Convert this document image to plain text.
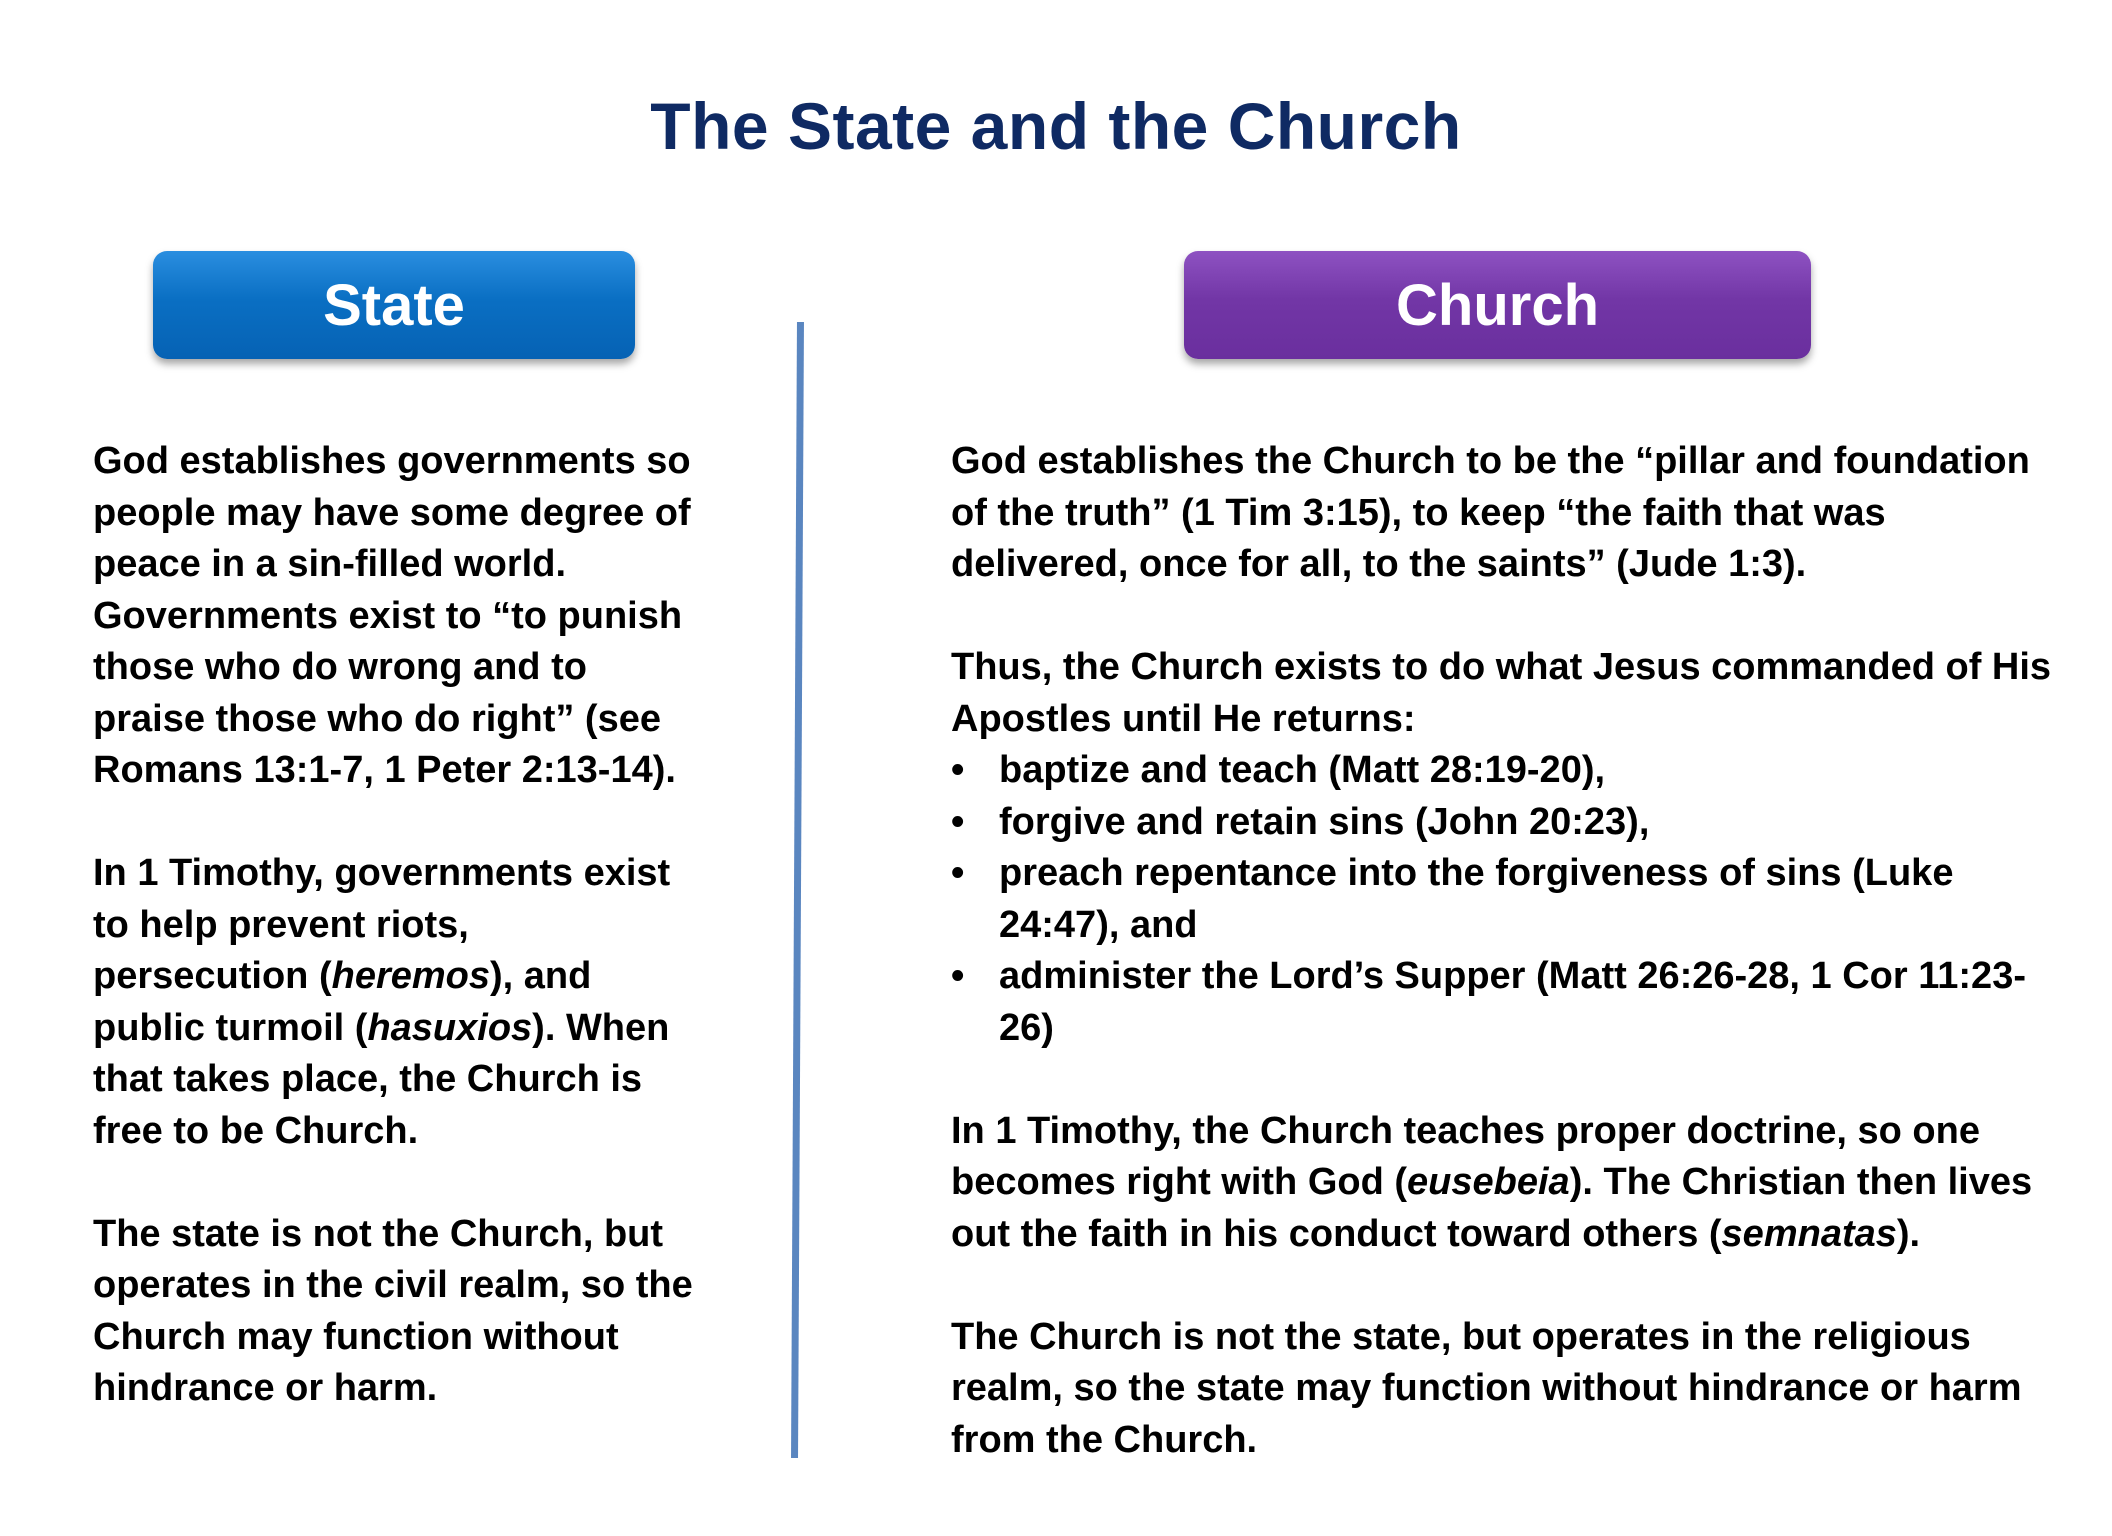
The State and the Church
State	Church

God establishes governments so people may have some degree of peace in a sin-filled world. Governments exist to “to punish those who do wrong and to praise those who do right” (see Romans 13:1-7, 1 Peter 2:13-14).

In 1 Timothy, governments exist to help prevent riots, persecution (heremos), and public turmoil (hasuxios). When that takes place, the Church is free to be Church.

The state is not the Church, but operates in the civil realm, so the Church may function without hindrance or harm.

God establishes the Church to be the “pillar and foundation of the truth” (1 Tim 3:15), to keep “the faith that was delivered, once for all, to the saints” (Jude 1:3).

Thus, the Church exists to do what Jesus commanded of His Apostles until He returns:

• baptize and teach (Matt 28:19-20),
• forgive and retain sins (John 20:23),
• preach repentance into the forgiveness of sins (Luke 24:47), and
• administer the Lord’s Supper (Matt 26:26-28, 1 Cor 11:23-26)

In 1 Timothy, the Church teaches proper doctrine, so one becomes right with God (eusebeia). The Christian then lives out the faith in his conduct toward others (semnatas).

The Church is not the state, but operates in the religious realm, so the state may function without hindrance or harm from the Church.
